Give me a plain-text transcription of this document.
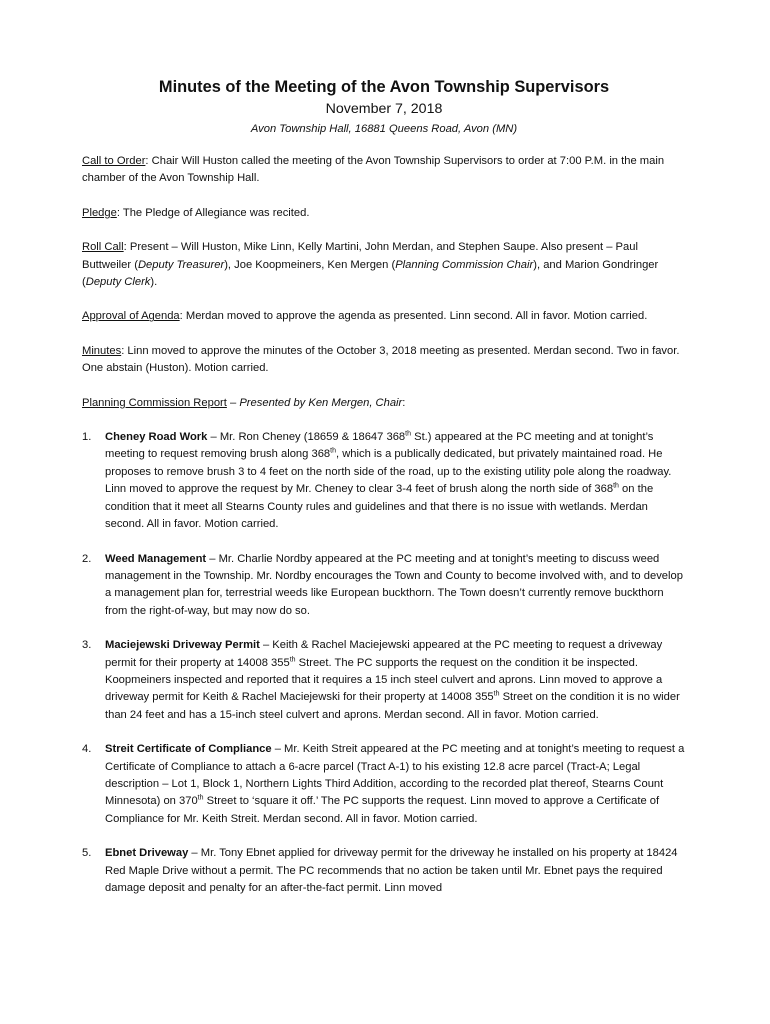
Minutes of the Meeting of the Avon Township Supervisors
November 7, 2018
Avon Township Hall, 16881 Queens Road, Avon (MN)

Call to Order: Chair Will Huston called the meeting of the Avon Township Supervisors to order at 7:00 P.M. in the main chamber of the Avon Township Hall.

Pledge: The Pledge of Allegiance was recited.

Roll Call: Present – Will Huston, Mike Linn, Kelly Martini, John Merdan, and Stephen Saupe. Also present – Paul Buttweiler (Deputy Treasurer), Joe Koopmeiners, Ken Mergen (Planning Commission Chair), and Marion Gondringer (Deputy Clerk).

Approval of Agenda: Merdan moved to approve the agenda as presented. Linn second. All in favor. Motion carried.

Minutes: Linn moved to approve the minutes of the October 3, 2018 meeting as presented. Merdan second. Two in favor. One abstain (Huston). Motion carried.

Planning Commission Report – Presented by Ken Mergen, Chair:

1. Cheney Road Work – Mr. Ron Cheney (18659 & 18647 368th St.) appeared at the PC meeting and at tonight’s meeting to request removing brush along 368th, which is a publically dedicated, but privately maintained road. He proposes to remove brush 3 to 4 feet on the north side of the road, up to the existing utility pole along the roadway. Linn moved to approve the request by Mr. Cheney to clear 3-4 feet of brush along the north side of 368th on the condition that it meet all Stearns County rules and guidelines and that there is no issue with wetlands. Merdan second. All in favor. Motion carried.
2. Weed Management – Mr. Charlie Nordby appeared at the PC meeting and at tonight’s meeting to discuss weed management in the Township. Mr. Nordby encourages the Town and County to become involved with, and to develop a management plan for, terrestrial weeds like European buckthorn. The Town doesn’t currently remove buckthorn from the right-of-way, but may now do so.
3. Maciejewski Driveway Permit – Keith & Rachel Maciejewski appeared at the PC meeting to request a driveway permit for their property at 14008 355th Street. The PC supports the request on the condition it be inspected. Koopmeiners inspected and reported that it requires a 15 inch steel culvert and aprons. Linn moved to approve a driveway permit for Keith & Rachel Maciejewski for their property at 14008 355th Street on the condition it is no wider than 24 feet and has a 15-inch steel culvert and aprons. Merdan second. All in favor. Motion carried.
4. Streit Certificate of Compliance – Mr. Keith Streit appeared at the PC meeting and at tonight’s meeting to request a Certificate of Compliance to attach a 6-acre parcel (Tract A-1) to his existing 12.8 acre parcel (Tract-A; Legal description – Lot 1, Block 1, Northern Lights Third Addition, according to the recorded plat thereof, Stearns Count Minnesota) on 370th Street to ‘square it off.’ The PC supports the request. Linn moved to approve a Certificate of Compliance for Mr. Keith Streit. Merdan second. All in favor. Motion carried.
5. Ebnet Driveway – Mr. Tony Ebnet applied for driveway permit for the driveway he installed on his property at 18424 Red Maple Drive without a permit. The PC recommends that no action be taken until Mr. Ebnet pays the required damage deposit and penalty for an after-the-fact permit. Linn moved
